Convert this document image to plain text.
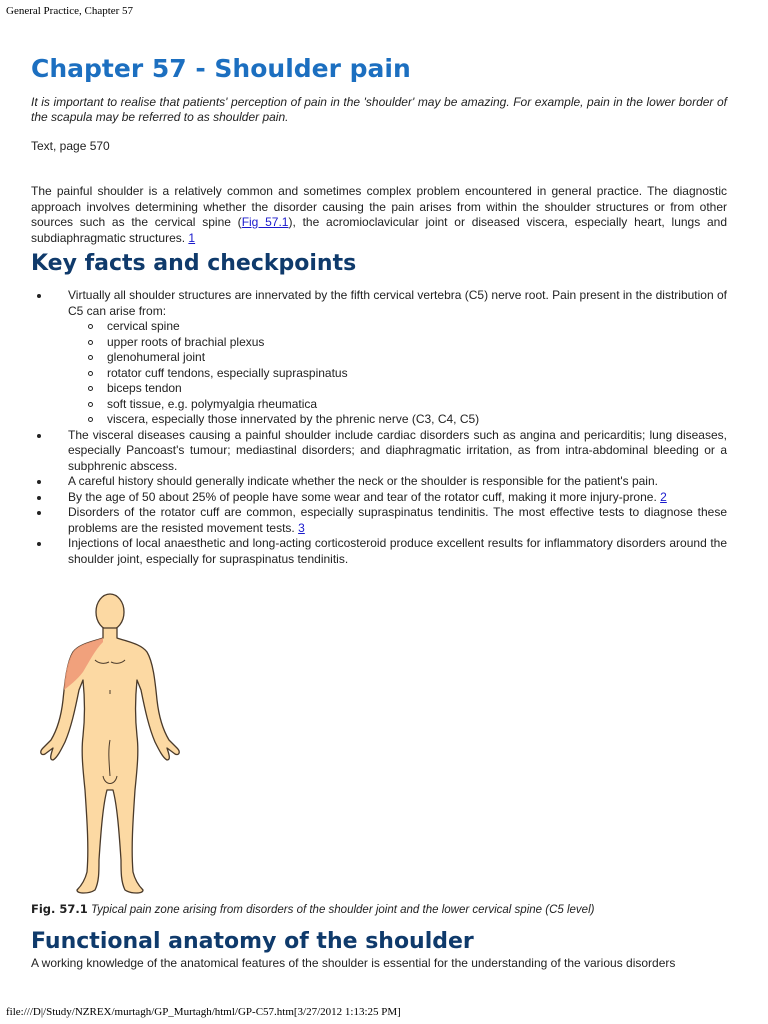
General Practice, Chapter 57
Chapter 57 - Shoulder pain

It is important to realise that patients' perception of pain in the 'shoulder' may be amazing. For example, pain in the lower border of the scapula may be referred to as shoulder pain.

Text, page 570

The painful shoulder is a relatively common and sometimes complex problem encountered in general practice. The diagnostic approach involves determining whether the disorder causing the pain arises from within the shoulder structures or from other sources such as the cervical spine (Fig 57.1), the acromioclavicular joint or diseased viscera, especially heart, lungs and subdiaphragmatic structures. 1

Key facts and checkpoints
Virtually all shoulder structures are innervated by the fifth cervical vertebra (C5) nerve root. Pain present in the distribution of C5 can arise from:
cervical spine
upper roots of brachial plexus
glenohumeral joint
rotator cuff tendons, especially supraspinatus
biceps tendon
soft tissue, e.g. polymyalgia rheumatica
viscera, especially those innervated by the phrenic nerve (C3, C4, C5)
The visceral diseases causing a painful shoulder include cardiac disorders such as angina and pericarditis; lung diseases, especially Pancoast's tumour; mediastinal disorders; and diaphragmatic irritation, as from intra-abdominal bleeding or a subphrenic abscess.
A careful history should generally indicate whether the neck or the shoulder is responsible for the patient's pain.
By the age of 50 about 25% of people have some wear and tear of the rotator cuff, making it more injury-prone. 2
Disorders of the rotator cuff are common, especially supraspinatus tendinitis. The most effective tests to diagnose these problems are the resisted movement tests. 3
Injections of local anaesthetic and long-acting corticosteroid produce excellent results for inflammatory disorders around the shoulder joint, especially for supraspinatus tendinitis.
Fig. 57.1 Typical pain zone arising from disorders of the shoulder joint and the lower cervical spine (C5 level)
Functional anatomy of the shoulder

A working knowledge of the anatomical features of the shoulder is essential for the understanding of the various disorders

file:///D|/Study/NZREX/murtagh/GP_Murtagh/html/GP-C57.htm[3/27/2012 1:13:25 PM]
